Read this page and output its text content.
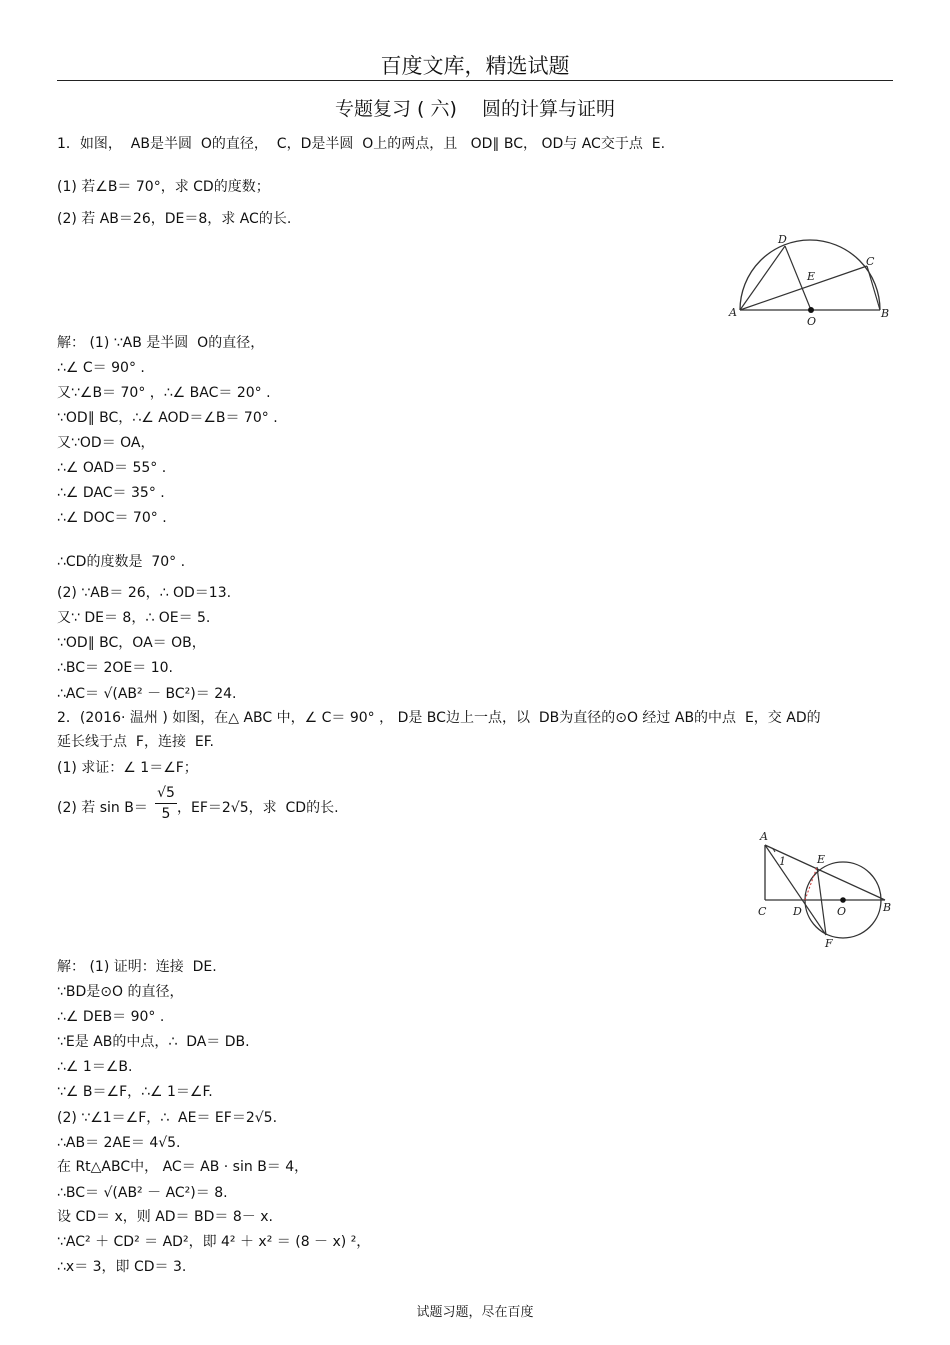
百度文库，精选试题
专题复习 ( 六)　 圆的计算与证明
1．如图，  AB是半圆  O的直径，  C，D是半圆  O上的两点，且   OD∥ BC， OD与 AC交于点  E.
(1) 若∠B＝ 70°，求 CD的度数；
(2) 若 AB＝26，DE＝8，求 AC的长.
D
C
E
A
O
B
解： (1) ∵AB 是半圆  O的直径，
∴∠ C＝ 90° .
又∵∠B＝ 70° ，∴∠ BAC＝ 20° .
∵OD∥ BC，∴∠ AOD＝∠B＝ 70° .
又∵OD＝ OA，
∴∠ OAD＝ 55° .
∴∠ DAC＝ 35° .
∴∠ DOC＝ 70° .
∴CD的度数是  70° .
(2) ∵AB＝ 26，∴ OD＝13.
又∵ DE＝ 8，∴ OE＝ 5.
∵OD∥ BC，OA＝ OB，
∴BC＝ 2OE＝ 10.
∴AC＝ √(AB² － BC²)＝ 24.
2．(2016· 温州 ) 如图，在△ ABC 中，∠ C＝ 90° ， D是 BC边上一点，以  DB为直径的⊙O 经过 AB的中点  E，交 AD的
延长线于点  F，连接  EF.
(1) 求证：∠ 1＝∠F；
(2) 若 sin B＝
√5
5 ，EF＝2√5，求  CD的长.
A
1	E
C D	O	B
F
解： (1) 证明：连接  DE.
∵BD是⊙O 的直径，
∴∠ DEB＝ 90° .
∵E是 AB的中点，∴  DA＝ DB.
∴∠ 1＝∠B.
∵∠ B＝∠F，∴∠ 1＝∠F.
(2) ∵∠1＝∠F，∴  AE＝ EF＝2√5.
∴AB＝ 2AE＝ 4√5.
在 Rt△ABC中， AC＝ AB · sin B＝ 4，
∴BC＝ √(AB² － AC²)＝ 8.
设 CD＝ x，则 AD＝ BD＝ 8－ x.
∵AC² ＋ CD² ＝ AD²，即 4² ＋ x² ＝ (8 － x) ²，
∴x＝ 3，即 CD＝ 3.
试题习题，尽在百度
